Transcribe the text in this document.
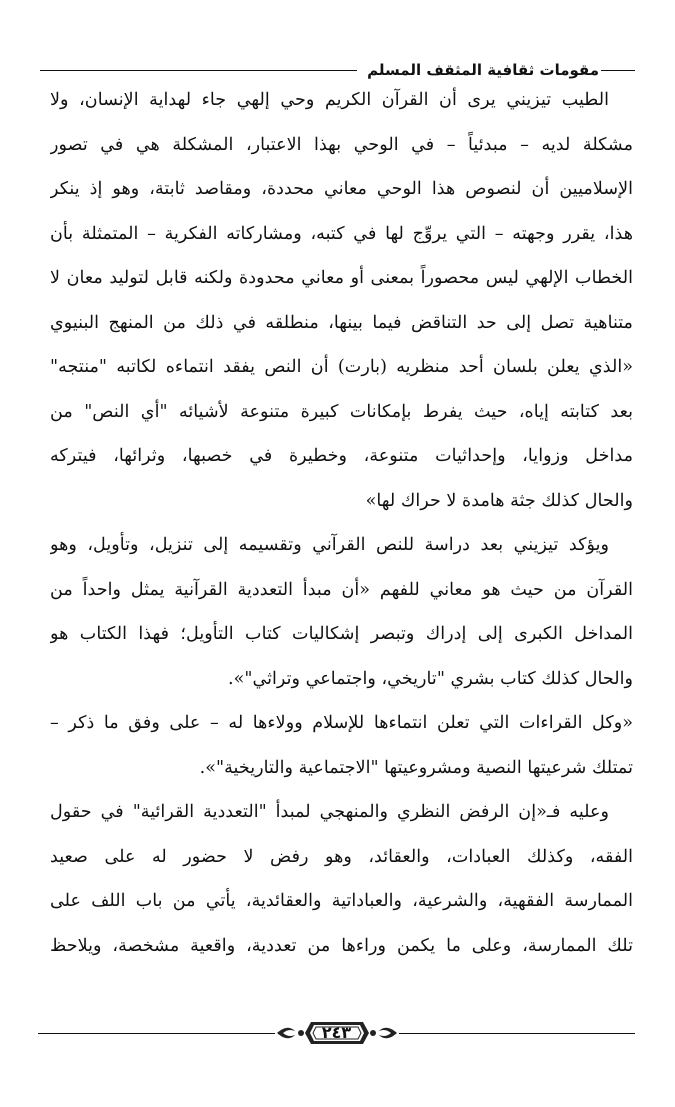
مقومات ثقافية المثقف المسلم
الطيب تيزيني يرى أن القرآن الكريم وحي إلهي جاء لهداية الإنسان، ولا
مشكلة لديه – مبدئياً – في الوحي بهذا الاعتبار، المشكلة هي في تصور
الإسلاميين أن لنصوص هذا الوحي معاني محددة، ومقاصد ثابتة، وهو إذ ينكر
هذا، يقرر وجهته – التي يروِّج لها في كتبه، ومشاركاته الفكرية – المتمثلة بأن
الخطاب الإلهي ليس محصوراً بمعنى أو معاني محدودة ولكنه قابل لتوليد معان لا
متناهية تصل إلى حد التناقض فيما بينها، منطلقه في ذلك من المنهج البنيوي
«الذي يعلن بلسان أحد منظريه (بارت) أن النص يفقد انتماءه لكاتبه "منتجه"
بعد كتابته إياه، حيث يفرط بإمكانات كبيرة متنوعة لأشيائه "أي النص" من
مداخل وزوايا، وإحداثيات متنوعة، وخطيرة في خصبها، وثرائها، فيتركه
والحال كذلك جثة هامدة لا حراك لها»
ويؤكد تيزيني بعد دراسة للنص القرآني وتقسيمه إلى تنزيل، وتأويل، وهو
القرآن من حيث هو معاني للفهم «أن مبدأ التعددية القرآنية يمثل واحداً من
المداخل الكبرى إلى إدراك وتبصر إشكاليات كتاب التأويل؛ فهذا الكتاب هو
والحال كذلك كتاب بشري "تاريخي، واجتماعي وتراثي"».
«وكل القراءات التي تعلن انتماءها للإسلام وولاءها له – على وفق ما ذكر –
تمتلك شرعيتها النصية ومشروعيتها "الاجتماعية والتاريخية"».
وعليه فـ«إن الرفض النظري والمنهجي لمبدأ "التعددية القرائية" في حقول
الفقه، وكذلك العبادات، والعقائد، وهو رفض لا حضور له على صعيد
الممارسة الفقهية، والشرعية، والعباداتية والعقائدية، يأتي من باب اللف على
تلك الممارسة، وعلى ما يكمن وراءها من تعددية، واقعية مشخصة، ويلاحظ
٢٤٣
